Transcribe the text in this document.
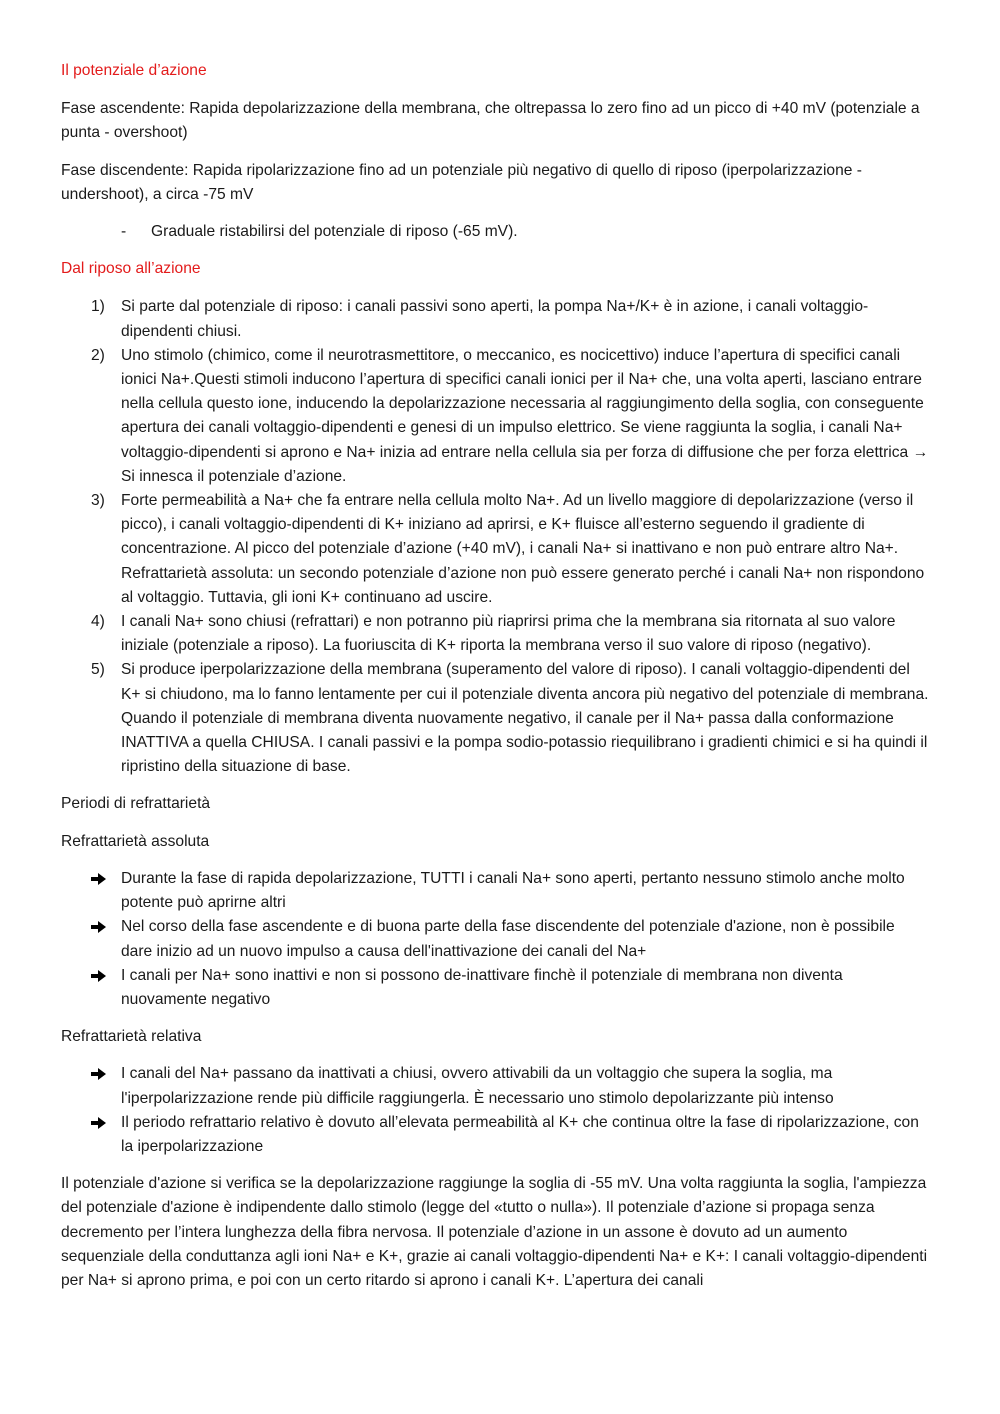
Il potenziale d’azione

Fase ascendente: Rapida depolarizzazione della membrana, che oltrepassa lo zero fino ad un picco di +40 mV (potenziale a punta - overshoot)

Fase discendente: Rapida ripolarizzazione fino ad un potenziale più negativo di quello di riposo (iperpolarizzazione - undershoot), a circa -75 mV

- Graduale ristabilirsi del potenziale di riposo (-65 mV).

Dal riposo all’azione

1) Si parte dal potenziale di riposo: i canali passivi sono aperti, la pompa Na+/K+ è in azione, i canali voltaggio-dipendenti chiusi.
2) Uno stimolo (chimico, come il neurotrasmettitore, o meccanico, es nocicettivo) induce l’apertura di specifici canali ionici Na+.Questi stimoli inducono l’apertura di specifici canali ionici per il Na+ che, una volta aperti, lasciano entrare nella cellula questo ione, inducendo la depolarizzazione necessaria al raggiungimento della soglia, con conseguente apertura dei canali voltaggio-dipendenti e genesi di un impulso elettrico. Se viene raggiunta la soglia, i canali Na+ voltaggio-dipendenti si aprono e Na+ inizia ad entrare nella cellula sia per forza di diffusione che per forza elettrica → Si innesca il potenziale d’azione.
3) Forte permeabilità a Na+ che fa entrare nella cellula molto Na+. Ad un livello maggiore di depolarizzazione (verso il picco), i canali voltaggio-dipendenti di K+ iniziano ad aprirsi, e K+ fluisce all’esterno seguendo il gradiente di concentrazione. Al picco del potenziale d’azione (+40 mV), i canali Na+ si inattivano e non può entrare altro Na+. Refrattarietà assoluta: un secondo potenziale d’azione non può essere generato perché i canali Na+ non rispondono al voltaggio. Tuttavia, gli ioni K+ continuano ad uscire.
4) I canali Na+ sono chiusi (refrattari) e non potranno più riaprirsi prima che la membrana sia ritornata al suo valore iniziale (potenziale a riposo). La fuoriuscita di K+ riporta la membrana verso il suo valore di riposo (negativo).
5) Si produce iperpolarizzazione della membrana (superamento del valore di riposo). I canali voltaggio-dipendenti del K+ si chiudono, ma lo fanno lentamente per cui il potenziale diventa ancora più negativo del potenziale di membrana. Quando il potenziale di membrana diventa nuovamente negativo, il canale per il Na+ passa dalla conformazione INATTIVA a quella CHIUSA. I canali passivi e la pompa sodio-potassio riequilibrano i gradienti chimici e si ha quindi il ripristino della situazione di base.

Periodi di refrattarietà

Refrattarietà assoluta

Durante la fase di rapida depolarizzazione, TUTTI i canali Na+ sono aperti, pertanto nessuno stimolo anche molto potente può aprirne altri
Nel corso della fase ascendente e di buona parte della fase discendente del potenziale d'azione, non è possibile dare inizio ad un nuovo impulso a causa dell'inattivazione dei canali del Na+
I canali per Na+ sono inattivi e non si possono de-inattivare finchè il potenziale di membrana non diventa nuovamente negativo

Refrattarietà relativa

I canali del Na+ passano da inattivati a chiusi, ovvero attivabili da un voltaggio che supera la soglia, ma l'iperpolarizzazione rende più difficile raggiungerla. È necessario uno stimolo depolarizzante più intenso
Il periodo refrattario relativo è dovuto all’elevata permeabilità al K+ che continua oltre la fase di ripolarizzazione, con la iperpolarizzazione

Il potenziale d'azione si verifica se la depolarizzazione raggiunge la soglia di -55 mV. Una volta raggiunta la soglia, l'ampiezza del potenziale d'azione è indipendente dallo stimolo (legge del «tutto o nulla»). Il potenziale d’azione si propaga senza decremento per l’intera lunghezza della fibra nervosa. Il potenziale d’azione in un assone è dovuto ad un aumento sequenziale della conduttanza agli ioni Na+ e K+, grazie ai canali voltaggio-dipendenti Na+ e K+: I canali voltaggio-dipendenti per Na+ si aprono prima, e poi con un certo ritardo si aprono i canali K+. L’apertura dei canali
